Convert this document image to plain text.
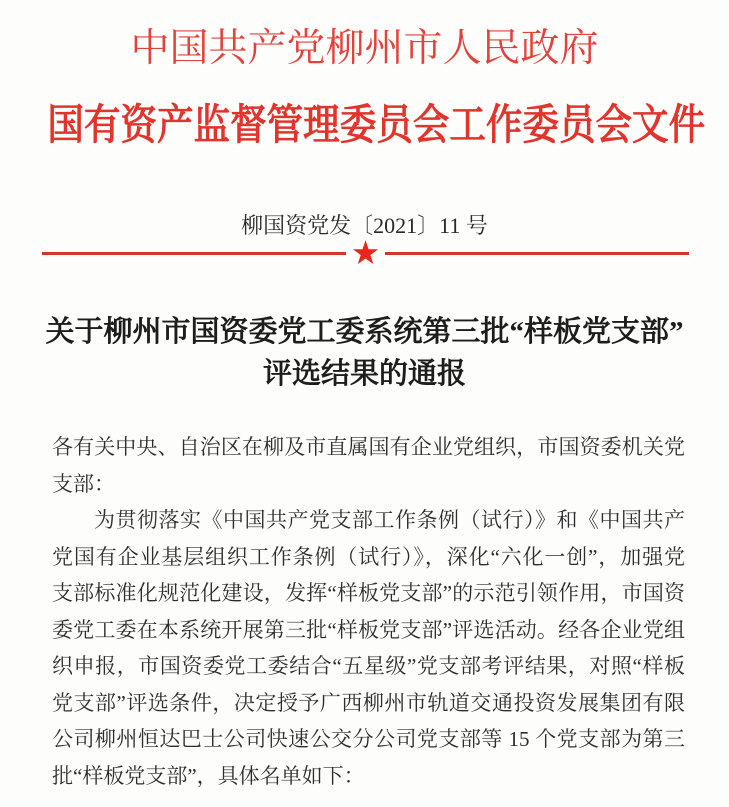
中国共产党柳州市人民政府
国有资产监督管理委员会工作委员会文件
柳国资党发〔2021〕11 号
★
关于柳州市国资委党工委系统第三批“样板党支部”
评选结果的通报
各有关中央、自治区在柳及市直属国有企业党组织，市国资委机关党
支部：
为贯彻落实《中国共产党支部工作条例（试行）》和《中国共产
党国有企业基层组织工作条例（试行）》，深化“六化一创”，加强党
支部标准化规范化建设，发挥“样板党支部”的示范引领作用，市国资
委党工委在本系统开展第三批“样板党支部”评选活动。经各企业党组
织申报，市国资委党工委结合“五星级”党支部考评结果，对照“样板
党支部”评选条件，决定授予广西柳州市轨道交通投资发展集团有限
公司柳州恒达巴士公司快速公交分公司党支部等 15 个党支部为第三
批“样板党支部”，具体名单如下：
